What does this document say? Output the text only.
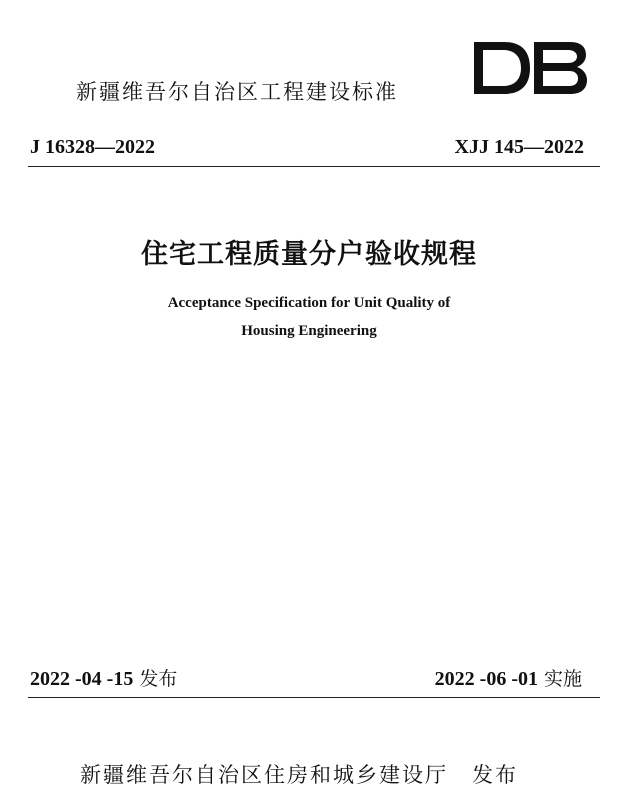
新疆维吾尔自治区工程建设标准
J 16328—2022	XJJ 145—2022
住宅工程质量分户验收规程
Acceptance Specification for Unit Quality of
Housing Engineering
2022 -04 -15 发布	2022 -06 -01 实施
新疆维吾尔自治区住房和城乡建设厅 发布
